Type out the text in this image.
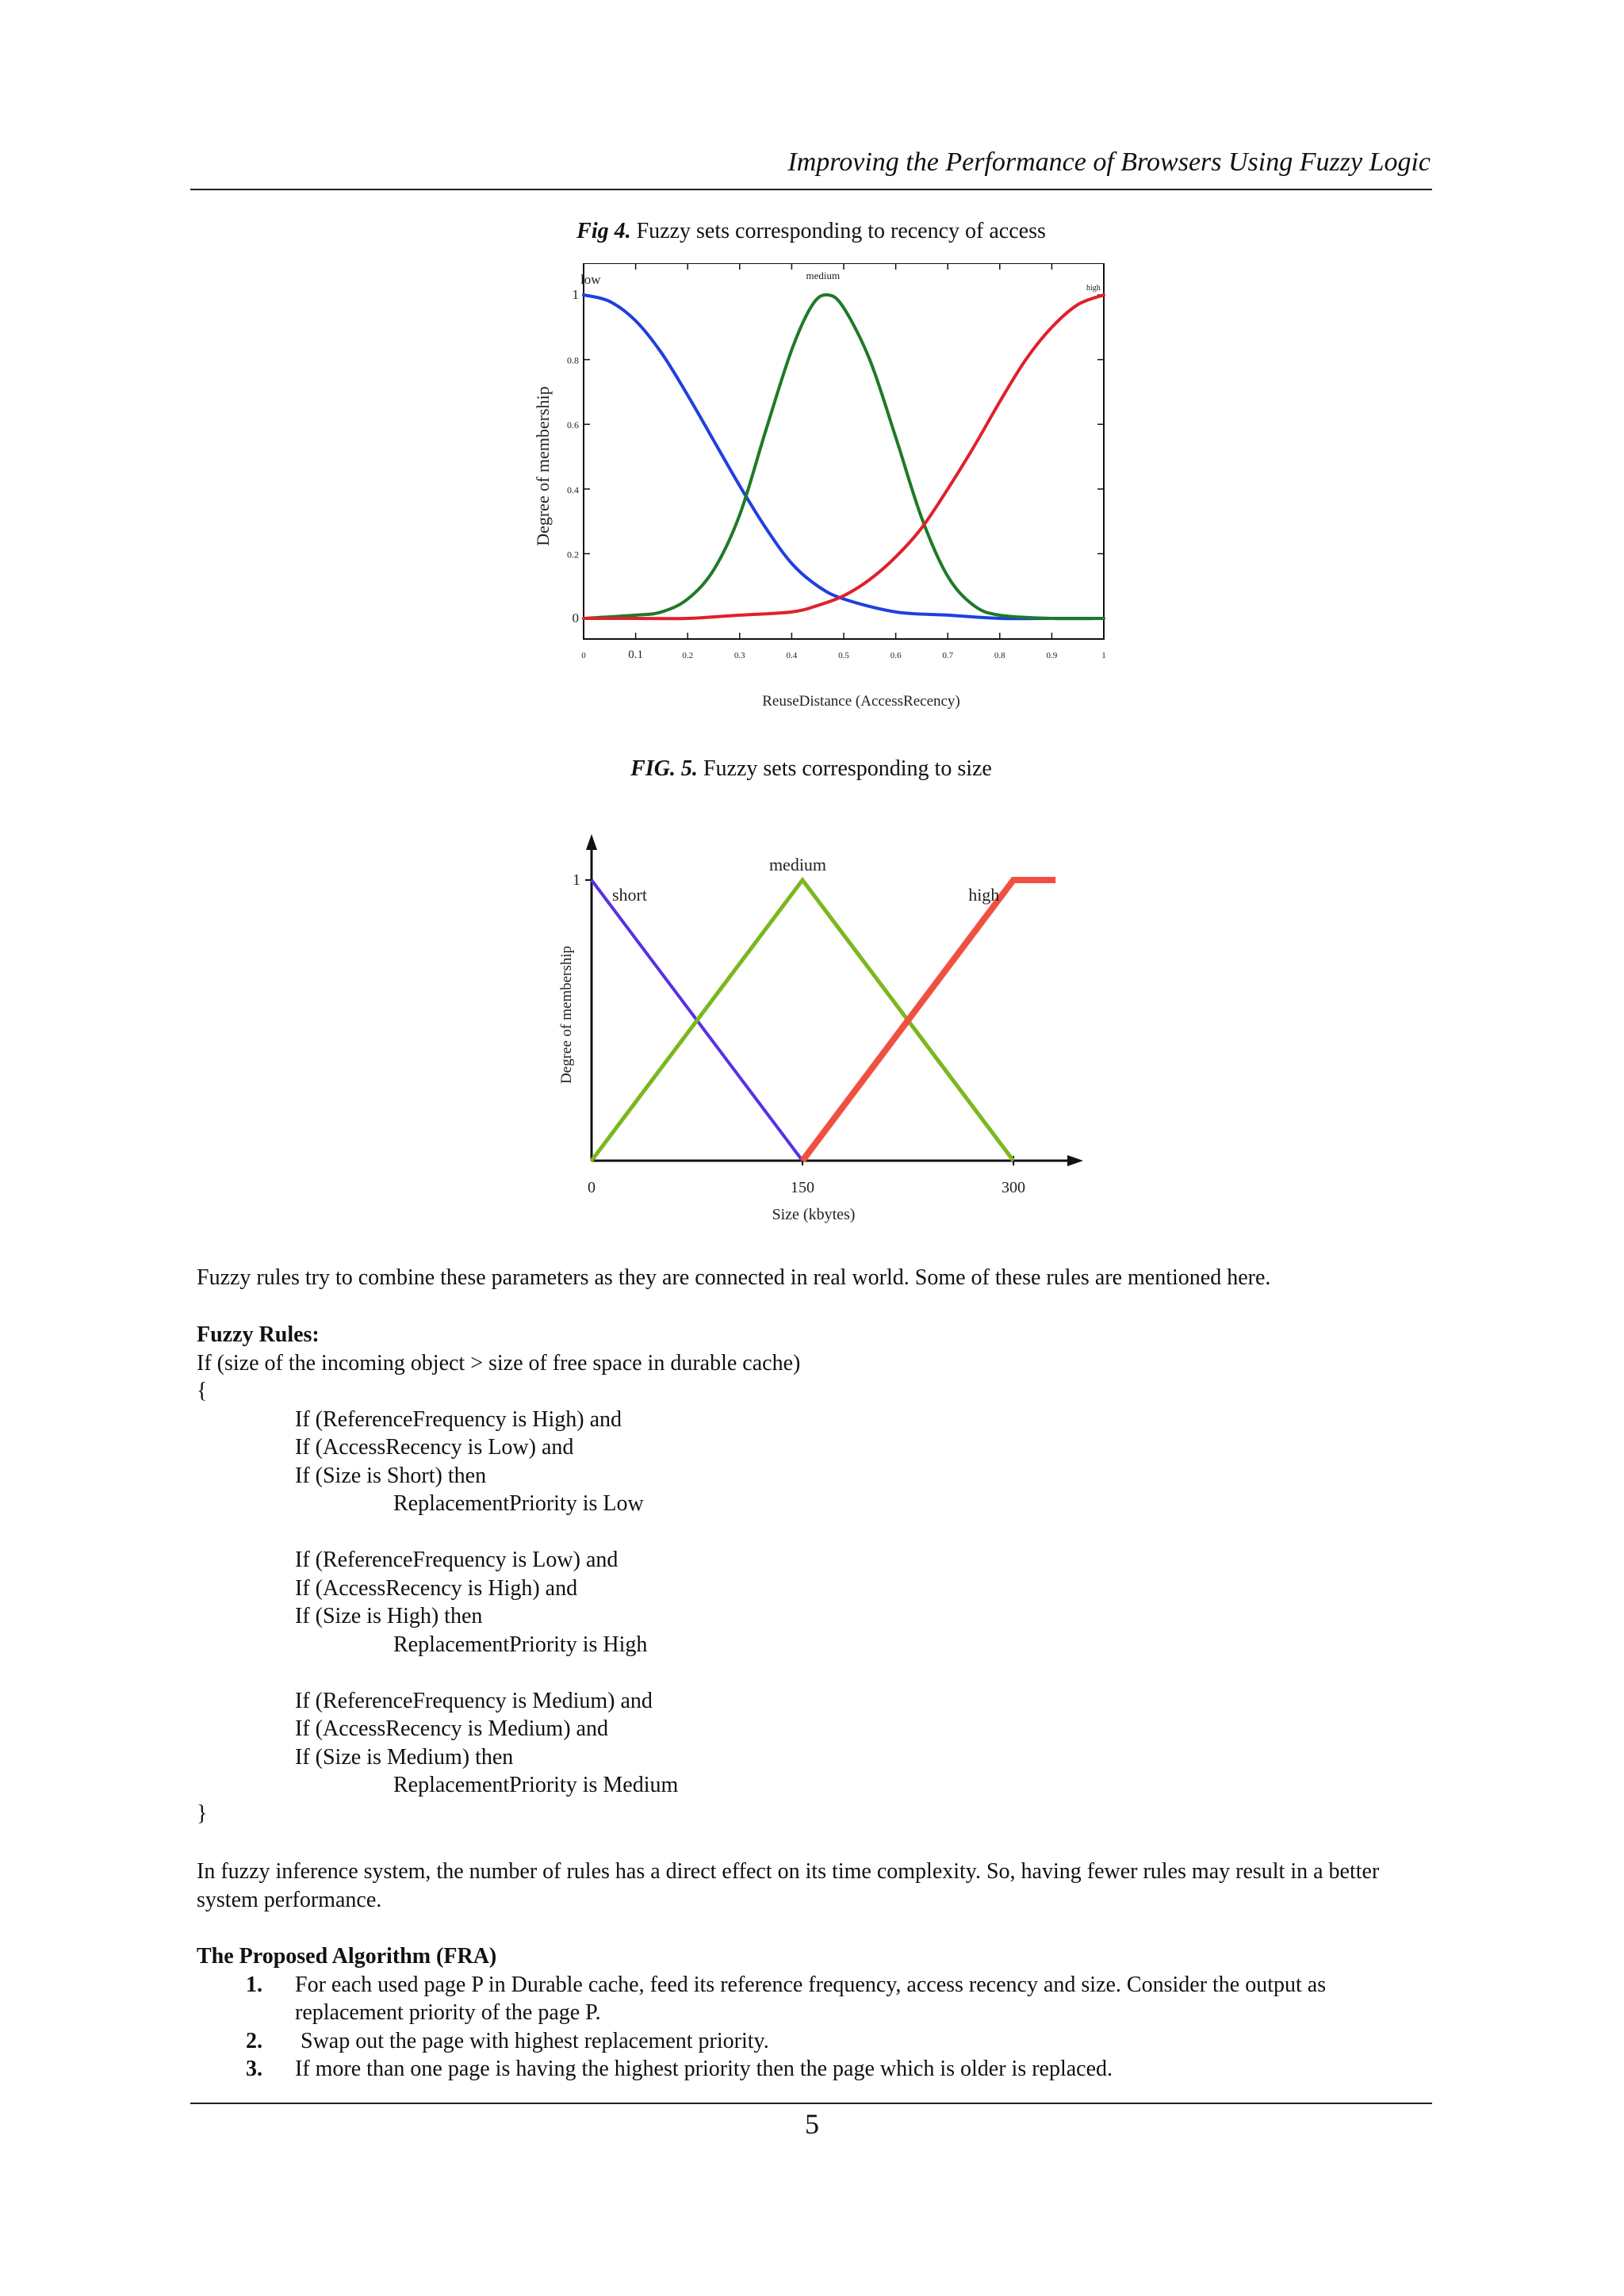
Improving the Performance of Browsers Using Fuzzy Logic
Fig 4. Fuzzy sets corresponding to recency of access
0
0.2
0.4
0.6
0.8
1
0	0.1	0.2	0.3	0.4	0.5	0.6	0.7	0.8	0.9	1
low	medium
high
ReuseDistance (AccessRecency)
Degree of membership
FIG. 5. Fuzzy sets corresponding to size
0	150	300
1
short
medium
high
Size (kbytes)
Degree of membership
Fuzzy rules try to combine these parameters as they are connected in real world. Some of these rules are mentioned here.
Fuzzy Rules:
If (size of the incoming object > size of free space in durable cache)
{
If (ReferenceFrequency is High) and
If (AccessRecency is Low) and
If (Size is Short) then
ReplacementPriority is Low
If (ReferenceFrequency is Low) and
If (AccessRecency is High) and
If (Size is High) then
ReplacementPriority is High
If (ReferenceFrequency is Medium) and
If (AccessRecency is Medium) and
If (Size is Medium) then
ReplacementPriority is Medium
}
In fuzzy inference system, the number of rules has a direct effect on its time complexity. So, having fewer rules may result in a better system performance.
The Proposed Algorithm (FRA)
1. For each used page P in Durable cache, feed its reference frequency, access recency and size. Consider the output as replacement priority of the page P.
2. Swap out the page with highest replacement priority.
3. If more than one page is having the highest priority then the page which is older is replaced.
5
